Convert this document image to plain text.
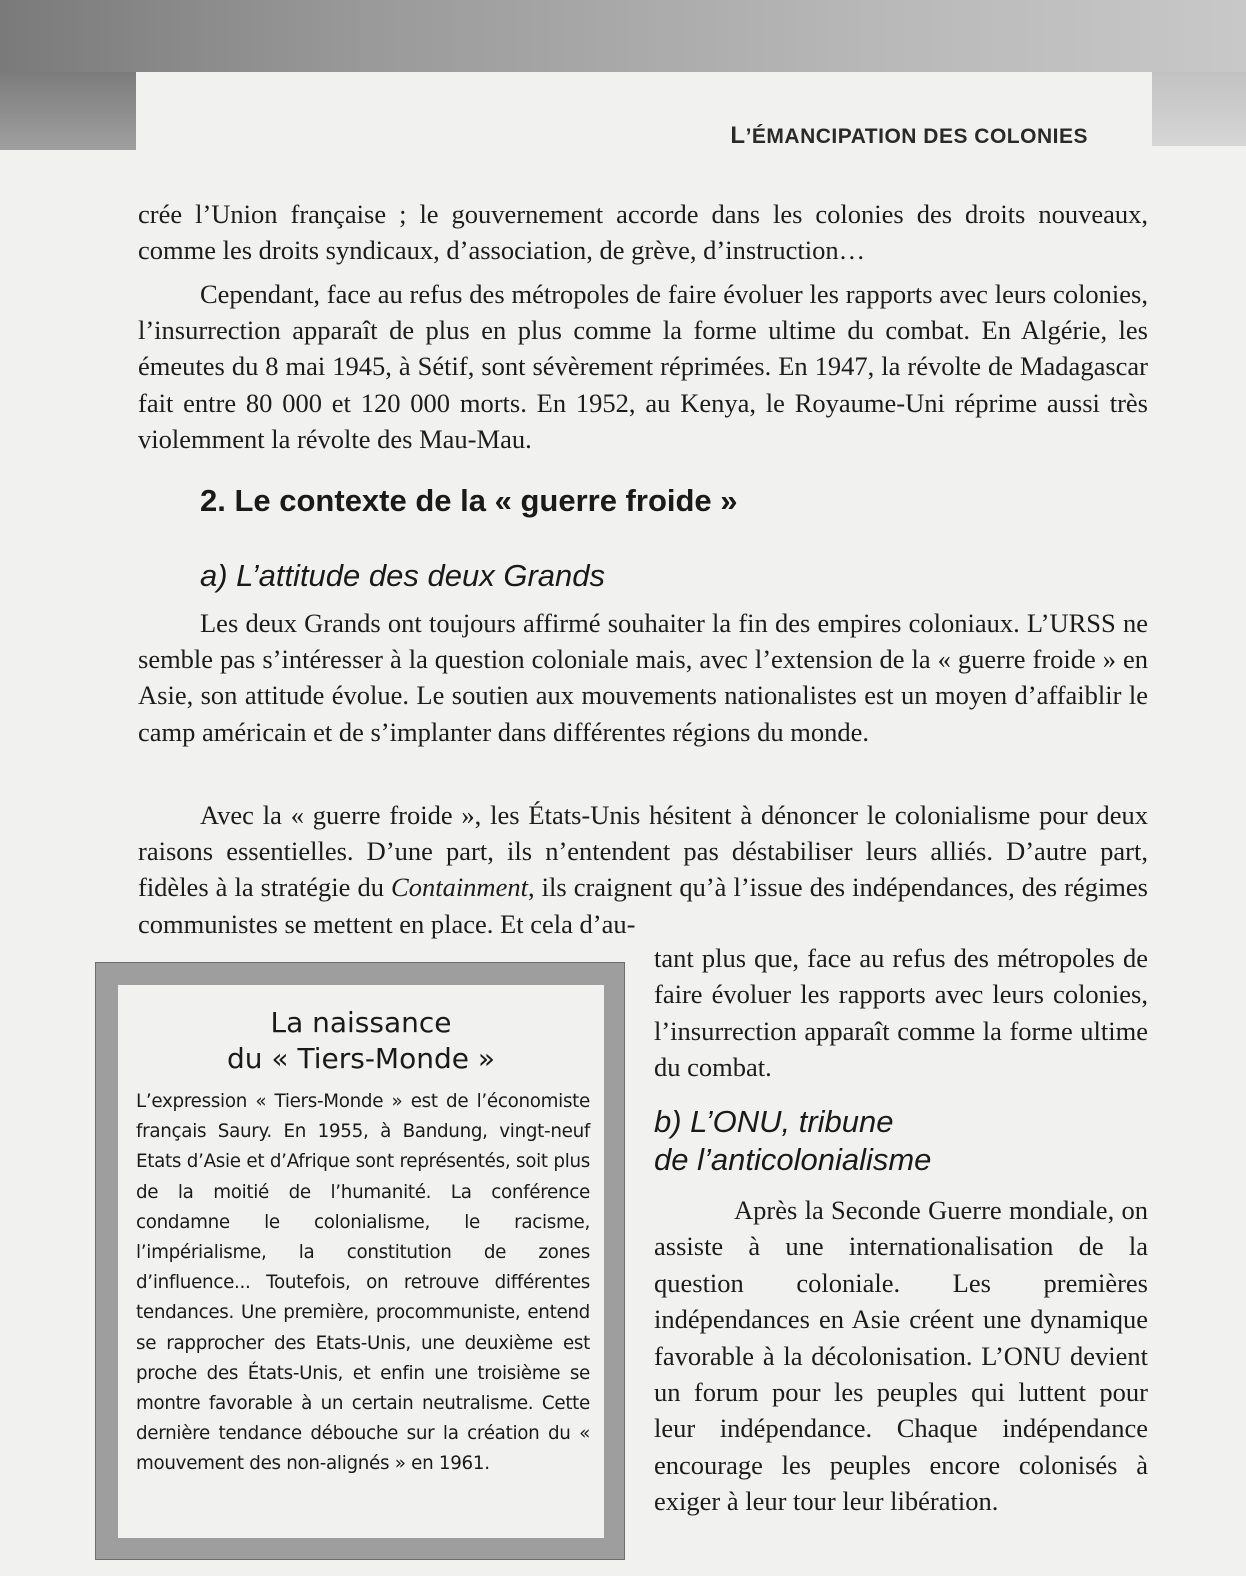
L’ÉMANCIPATION DES COLONIES

crée l’Union française ; le gouvernement accorde dans les colonies des droits nouveaux, comme les droits syndicaux, d’association, de grève, d’instruction…

Cependant, face au refus des métropoles de faire évoluer les rapports avec leurs colonies, l’insurrection apparaît de plus en plus comme la forme ultime du combat. En Algérie, les émeutes du 8 mai 1945, à Sétif, sont sévèrement réprimées. En 1947, la révolte de Madagascar fait entre 80 000 et 120 000 morts. En 1952, au Kenya, le Royaume-Uni réprime aussi très violemment la révolte des Mau-Mau.

2. Le contexte de la « guerre froide »
a) L’attitude des deux Grands

Les deux Grands ont toujours affirmé souhaiter la fin des empires coloniaux. L’URSS ne semble pas s’intéresser à la question coloniale mais, avec l’extension de la « guerre froide » en Asie, son attitude évolue. Le soutien aux mouvements nationalistes est un moyen d’affaiblir le camp américain et de s’implanter dans différentes régions du monde.

Avec la « guerre froide », les États-Unis hésitent à dénoncer le colonialisme pour deux raisons essentielles. D’une part, ils n’entendent pas déstabiliser leurs alliés. D’autre part, fidèles à la stratégie du Containment, ils craignent qu’à l’issue des indépendances, des régimes communistes se mettent en place. Et cela d’au-

tant plus que, face au refus des métropoles de faire évoluer les rapports avec leurs colonies, l’insurrection apparaît comme la forme ultime du combat.

b) L’ONU, tribune
de l’anticolonialisme

Après la Seconde Guerre mondiale, on assiste à une internationalisation de la question coloniale. Les premières indépendances en Asie créent une dynamique favorable à la décolonisation. L’ONU devient un forum pour les peuples qui luttent pour leur indépendance. Chaque indépendance encourage les peuples encore colonisés à exiger à leur tour leur libération.

La naissance
du « Tiers-Monde »

L’expression « Tiers-Monde » est de l’économiste français Saury. En 1955, à Bandung, vingt-neuf Etats d’Asie et d’Afrique sont représentés, soit plus de la moitié de l’humanité. La conférence condamne le colonialisme, le racisme, l’impérialisme, la constitution de zones d’influence... Toutefois, on retrouve différentes tendances. Une première, procommuniste, entend se rapprocher des Etats-Unis, une deuxième est proche des États-Unis, et enfin une troisième se montre favorable à un certain neutralisme. Cette dernière tendance débouche sur la création du « mouvement des non-alignés » en 1961.
